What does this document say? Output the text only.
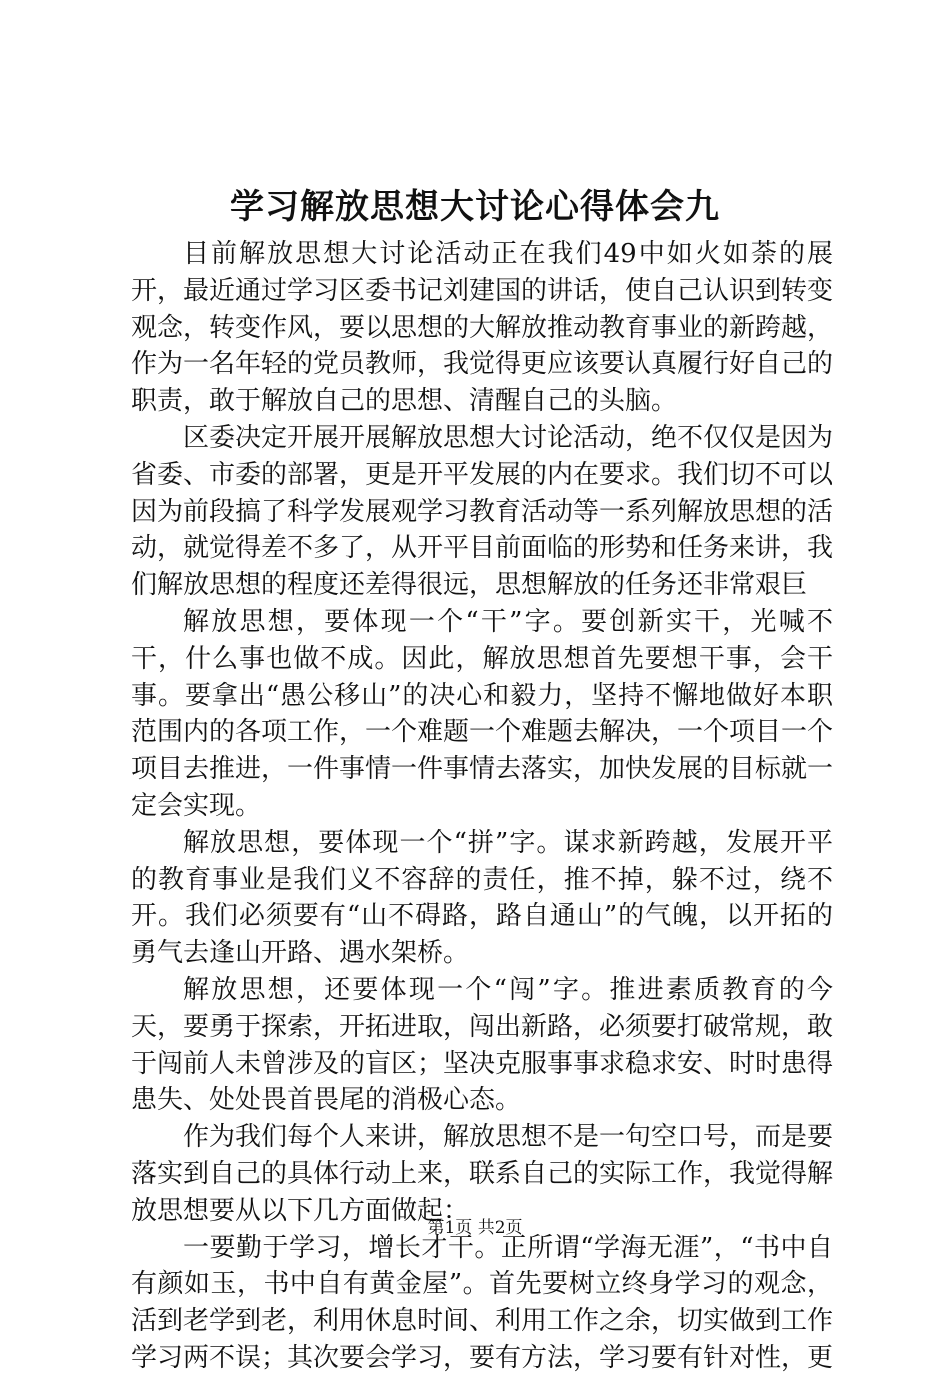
学习解放思想大讨论心得体会九

目前解放思想大讨论活动正在我们49中如火如荼的展开，最近通过学习区委书记刘建国的讲话，使自己认识到转变观念，转变作风，要以思想的大解放推动教育事业的新跨越，作为一名年轻的党员教师，我觉得更应该要认真履行好自己的职责，敢于解放自己的思想、清醒自己的头脑。

区委决定开展开展解放思想大讨论活动，绝不仅仅是因为省委、市委的部署，更是开平发展的内在要求。我们切不可以因为前段搞了科学发展观学习教育活动等一系列解放思想的活动，就觉得差不多了，从开平目前面临的形势和任务来讲，我们解放思想的程度还差得很远，思想解放的任务还非常艰巨

解放思想，要体现一个“干”字。要创新实干，光喊不干，什么事也做不成。因此，解放思想首先要想干事，会干事。要拿出“愚公移山”的决心和毅力，坚持不懈地做好本职范围内的各项工作，一个难题一个难题去解决，一个项目一个项目去推进，一件事情一件事情去落实，加快发展的目标就一定会实现。

解放思想，要体现一个“拼”字。谋求新跨越，发展开平的教育事业是我们义不容辞的责任，推不掉，躲不过，绕不开。我们必须要有“山不碍路，路自通山”的气魄，以开拓的勇气去逢山开路、遇水架桥。

解放思想，还要体现一个“闯”字。推进素质教育的今天，要勇于探索，开拓进取，闯出新路，必须要打破常规，敢于闯前人未曾涉及的盲区；坚决克服事事求稳求安、时时患得患失、处处畏首畏尾的消极心态。

作为我们每个人来讲，解放思想不是一句空口号，而是要落实到自己的具体行动上来，联系自己的实际工作，我觉得解放思想要从以下几方面做起：

一要勤于学习，增长才干。正所谓“学海无涯”，“书中自有颜如玉，书中自有黄金屋”。首先要树立终身学习的观念，活到老学到老，利用休息时间、利用工作之余，切实做到工作学习两不误；其次要会学习，要有方法，学习要有针对性，更

第1页 共2页
